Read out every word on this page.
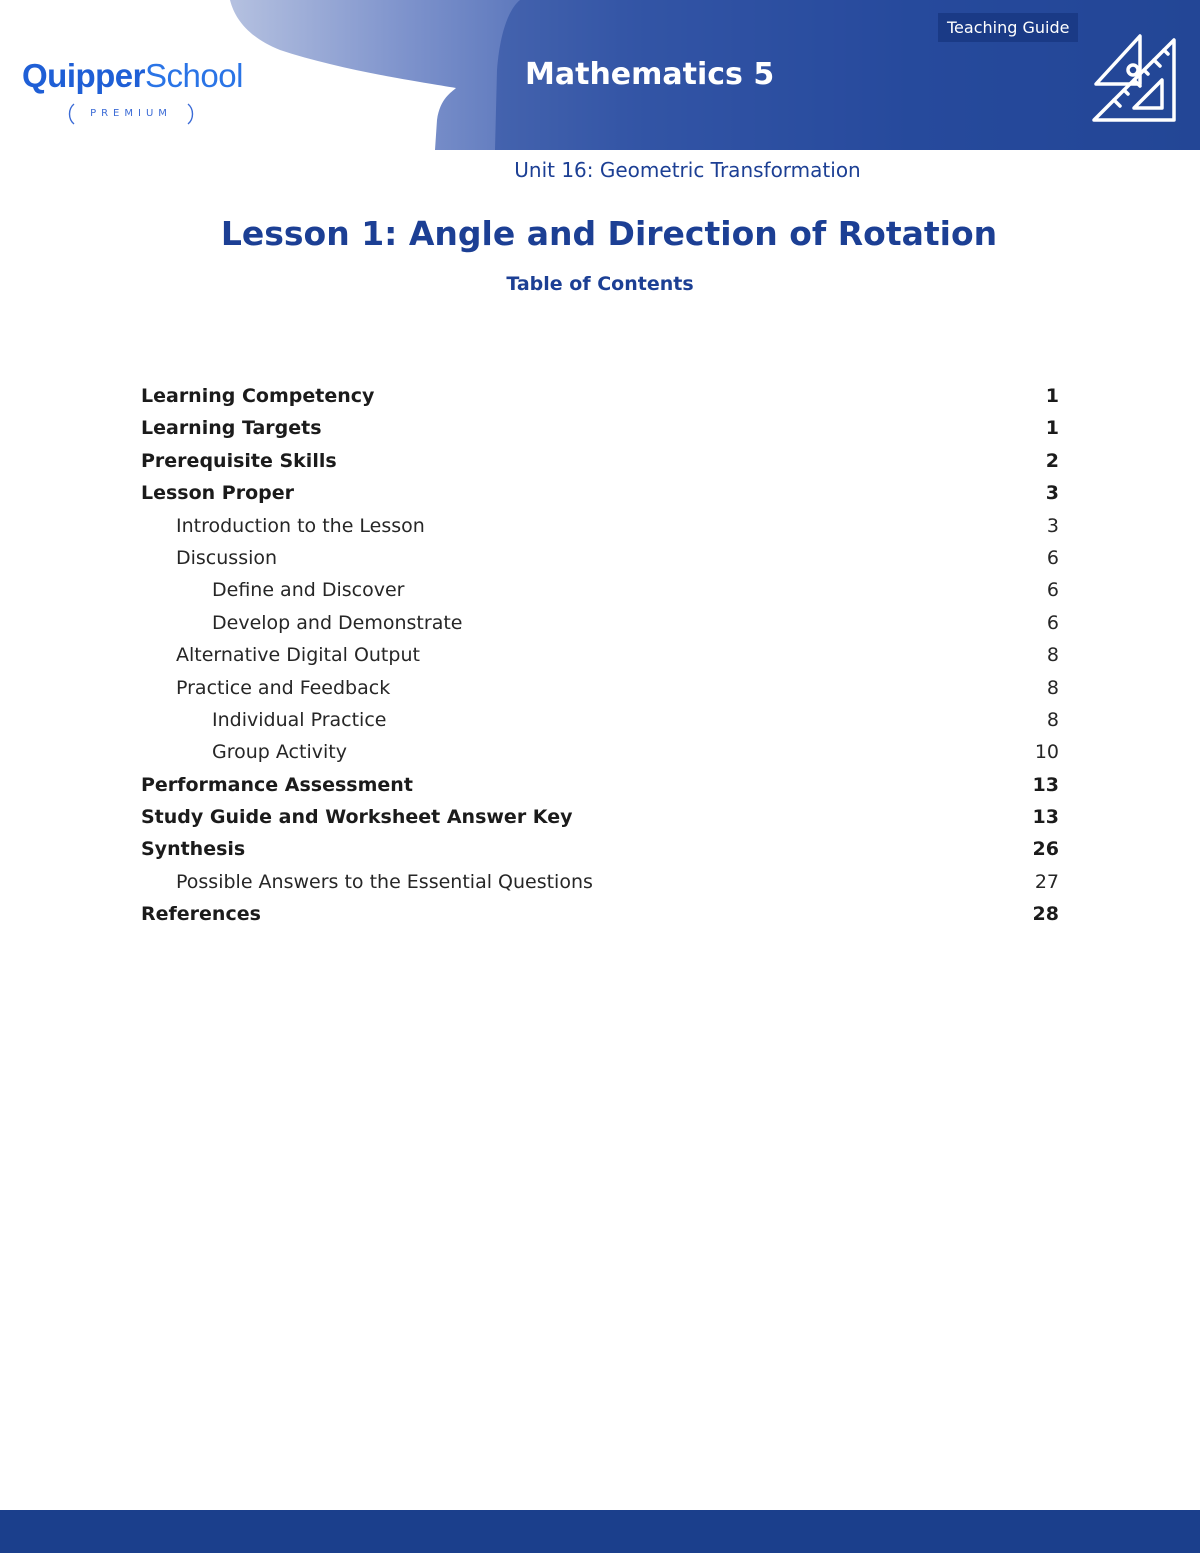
QuipperSchool
PREMIUM
Mathematics 5
Teaching Guide
Unit 16: Geometric Transformation
Lesson 1: Angle and Direction of Rotation
Table of Contents
Learning Competency	1
Learning Targets	1
Prerequisite Skills	2
Lesson Proper	3
Introduction to the Lesson	3
Discussion	6
Define and Discover	6
Develop and Demonstrate	6
Alternative Digital Output	8
Practice and Feedback	8
Individual Practice	8
Group Activity	10
Performance Assessment	13
Study Guide and Worksheet Answer Key	13
Synthesis	26
Possible Answers to the Essential Questions	27
References	28
